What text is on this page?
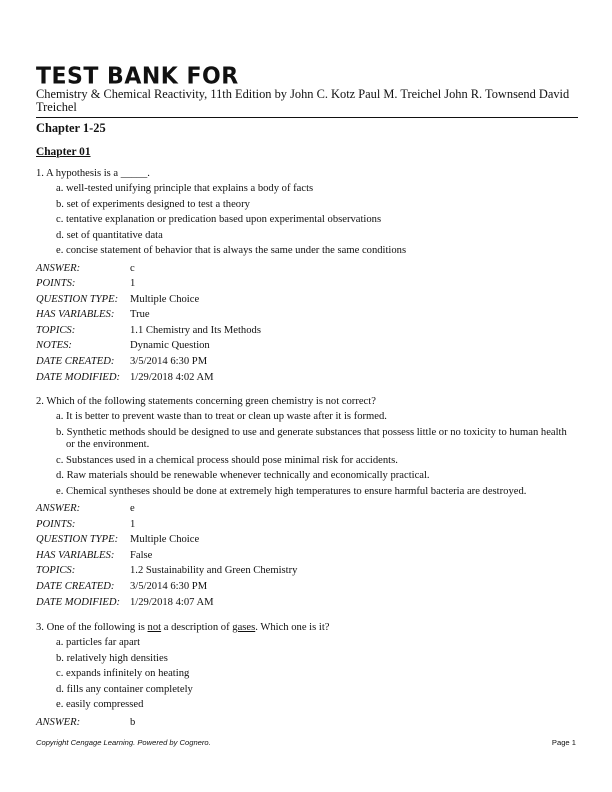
TEST BANK FOR
Chemistry & Chemical Reactivity, 11th Edition by John C. Kotz Paul M. Treichel John R. Townsend David Treichel
Chapter 1-25
Chapter 01
1. A hypothesis is a _____.
a. well-tested unifying principle that explains a body of facts
b. set of experiments designed to test a theory
c. tentative explanation or predication based upon experimental observations
d. set of quantitative data
e. concise statement of behavior that is always the same under the same conditions
ANSWER:	c
POINTS:	1
QUESTION TYPE: Multiple Choice
HAS VARIABLES: True
TOPICS:	1.1 Chemistry and Its Methods
NOTES:	Dynamic Question
DATE CREATED: 3/5/2014 6:30 PM
DATE MODIFIED: 1/29/2018 4:02 AM
2. Which of the following statements concerning green chemistry is not correct?
a. It is better to prevent waste than to treat or clean up waste after it is formed.
b. Synthetic methods should be designed to use and generate substances that possess little or no toxicity to human health or the environment.
c. Substances used in a chemical process should pose minimal risk for accidents.
d. Raw materials should be renewable whenever technically and economically practical.
e. Chemical syntheses should be done at extremely high temperatures to ensure harmful bacteria are destroyed.
ANSWER:	e
POINTS:	1
QUESTION TYPE: Multiple Choice
HAS VARIABLES: False
TOPICS:	1.2 Sustainability and Green Chemistry
DATE CREATED: 3/5/2014 6:30 PM
DATE MODIFIED: 1/29/2018 4:07 AM
3. One of the following is not a description of gases. Which one is it?
a. particles far apart
b. relatively high densities
c. expands infinitely on heating
d. fills any container completely
e. easily compressed
ANSWER:	b
Copyright Cengage Learning. Powered by Cognero.	Page 1
